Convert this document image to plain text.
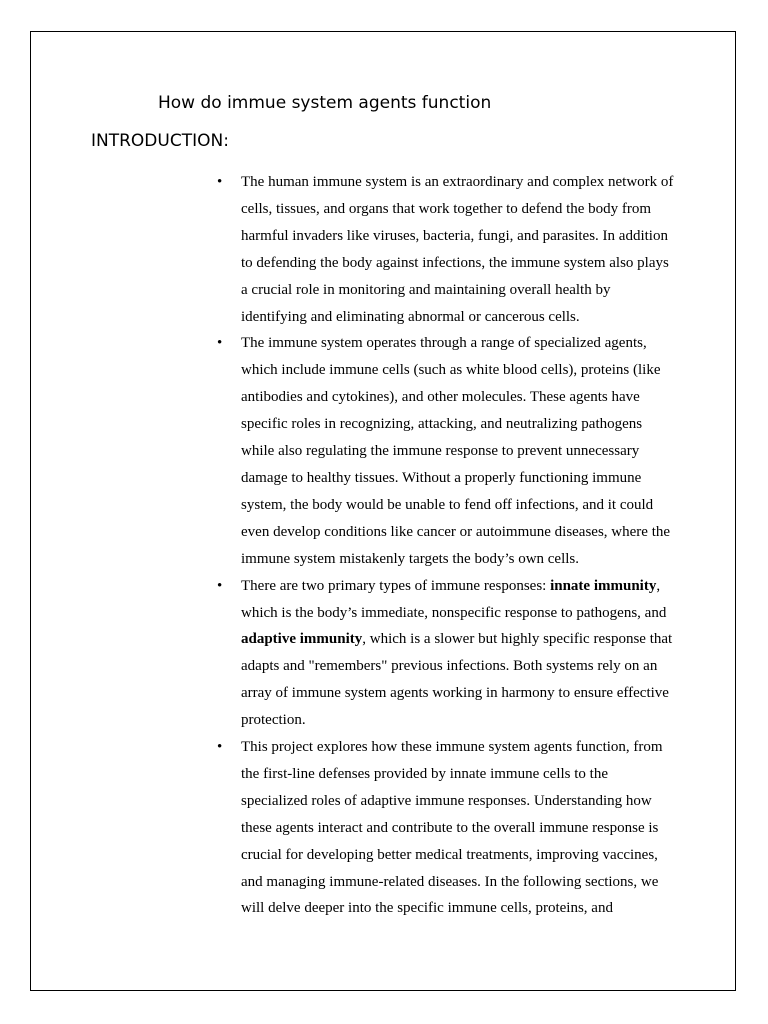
How do immue system agents function
INTRODUCTION:
• The human immune system is an extraordinary and complex network of
cells, tissues, and organs that work together to defend the body from
harmful invaders like viruses, bacteria, fungi, and parasites. In addition
to defending the body against infections, the immune system also plays
a crucial role in monitoring and maintaining overall health by
identifying and eliminating abnormal or cancerous cells.
• The immune system operates through a range of specialized agents,
which include immune cells (such as white blood cells), proteins (like
antibodies and cytokines), and other molecules. These agents have
specific roles in recognizing, attacking, and neutralizing pathogens
while also regulating the immune response to prevent unnecessary
damage to healthy tissues. Without a properly functioning immune
system, the body would be unable to fend off infections, and it could
even develop conditions like cancer or autoimmune diseases, where the
immune system mistakenly targets the body’s own cells.
• There are two primary types of immune responses: innate immunity,
which is the body’s immediate, nonspecific response to pathogens, and
adaptive immunity, which is a slower but highly specific response that
adapts and "remembers" previous infections. Both systems rely on an
array of immune system agents working in harmony to ensure effective
protection.
• This project explores how these immune system agents function, from
the first-line defenses provided by innate immune cells to the
specialized roles of adaptive immune responses. Understanding how
these agents interact and contribute to the overall immune response is
crucial for developing better medical treatments, improving vaccines,
and managing immune-related diseases. In the following sections, we
will delve deeper into the specific immune cells, proteins, and
